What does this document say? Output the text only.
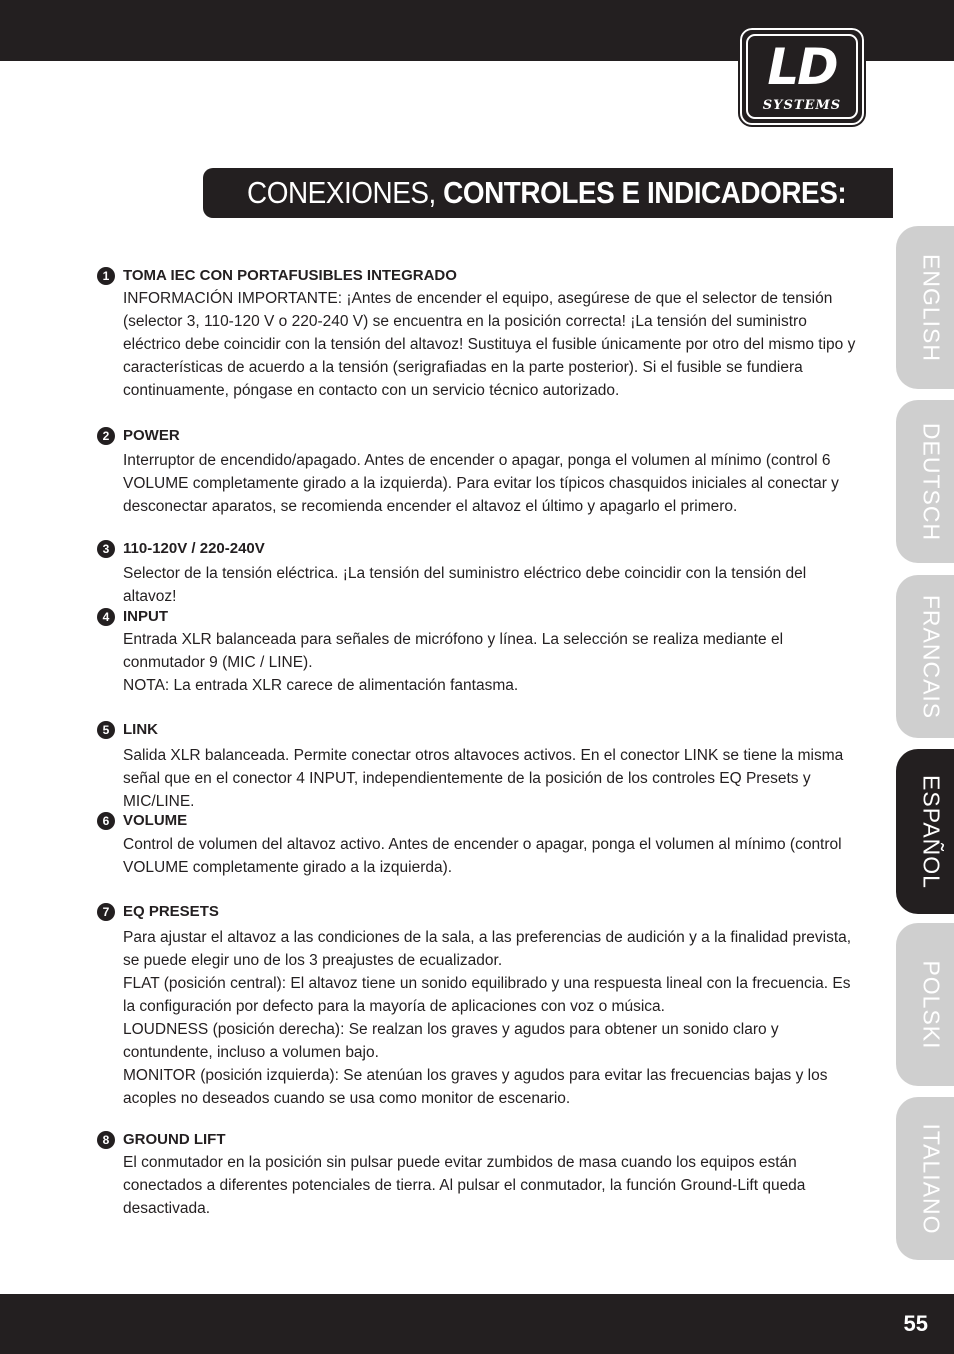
LD
SYSTEMS
CONEXIONES, CONTROLES E INDICADORES:
ENGLISH
DEUTSCH
FRANCAIS
ESPAÑOL
POLSKI
ITALIANO
1 TOMA IEC CON PORTAFUSIBLES INTEGRADO

INFORMACIÓN IMPORTANTE: ¡Antes de encender el equipo, asegúrese de que el selector de tensión (selector 3, 110-120 V o 220-240 V) se encuentra en la posición correcta! ¡La tensión del suministro eléctrico debe coincidir con la tensión del altavoz! Sustituya el fusible únicamente por otro del mismo tipo y características de acuerdo a la tensión (serigrafiadas en la parte posterior). Si el fusible se fundiera continuamente, póngase en contacto con un servicio técnico autorizado.

2 POWER

Interruptor de encendido/apagado. Antes de encender o apagar, ponga el volumen al mínimo (control 6 VOLUME completamente girado a la izquierda). Para evitar los típicos chasquidos iniciales al conectar y desconectar aparatos, se recomienda encender el altavoz el último y apagarlo el primero.

3 110-120V / 220-240V

Selector de la tensión eléctrica. ¡La tensión del suministro eléctrico debe coincidir con la tensión del altavoz!

4 INPUT

Entrada XLR balanceada para señales de micrófono y línea. La selección se realiza mediante el conmutador 9 (MIC / LINE).

NOTA: La entrada XLR carece de alimentación fantasma.

5 LINK

Salida XLR balanceada. Permite conectar otros altavoces activos. En el conector LINK se tiene la misma señal que en el conector 4 INPUT, independientemente de la posición de los controles EQ Presets y MIC/LINE.

6 VOLUME

Control de volumen del altavoz activo. Antes de encender o apagar, ponga el volumen al mínimo (control VOLUME completamente girado a la izquierda).

7 EQ PRESETS

Para ajustar el altavoz a las condiciones de la sala, a las preferencias de audición y a la finalidad prevista, se puede elegir uno de los 3 preajustes de ecualizador.

FLAT (posición central): El altavoz tiene un sonido equilibrado y una respuesta lineal con la frecuencia. Es la configuración por defecto para la mayoría de aplicaciones con voz o música.

LOUDNESS (posición derecha): Se realzan los graves y agudos para obtener un sonido claro y contundente, incluso a volumen bajo.

MONITOR (posición izquierda): Se atenúan los graves y agudos para evitar las frecuencias bajas y los acoples no deseados cuando se usa como monitor de escenario.

8 GROUND LIFT

El conmutador en la posición sin pulsar puede evitar zumbidos de masa cuando los equipos están conectados a diferentes potenciales de tierra. Al pulsar el conmutador, la función Ground-Lift queda desactivada.

55
